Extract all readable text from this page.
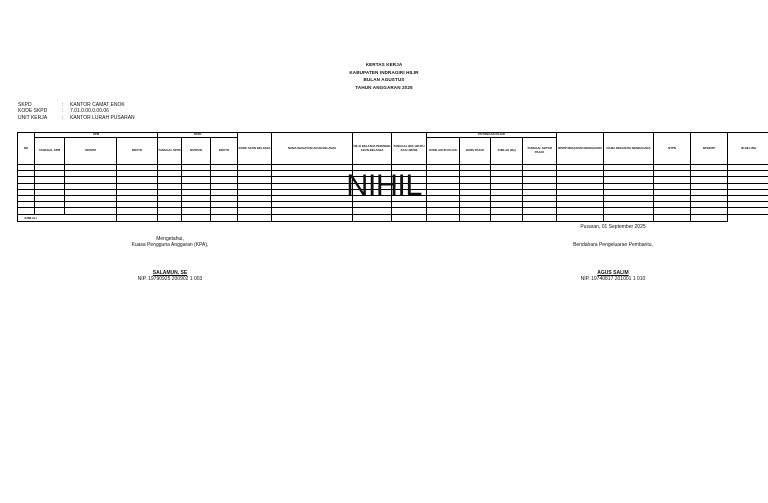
KERTAS KERJA
KABUPATEN INDRAGIRI HILIR
BULAN AGUSTUS
TAHUN ANGGARAN 2025
SKPD	:	KANTOR CAMAT ENOK
KODE SKPD	:	7.01.0.00.0.00.06
UNIT KERJA	:	KANTOR LURAH PUSARAN
NO	SPM			SP2D			KODE AKUN BELANJA	NAMA KEGIATAN/ AKUN BELANJA	NILAI BELANJA PEROBEK AKUN BELANJA	TANGGAL BKU (BUKU KAS UMUM)	POTONGAN PAJAK				NPWP REKANAN/ BENDAHARA	NAMA REKANAN/ BENDAHARA	NTPN	NTB/NTP	ID BILLING
	TANGGAL SPM	NOSPM	BRUTO	TANGGAL SP2D	NOSP2D	BRUTO					KODE AKUN PAJAK	JENIS PAJAK	JUMLAH (Rp)	TANGGAL SETOR PAJAK					

JUMLAH																			
NIHIL
Pusaran, 01 September 2025
Mengetahui,
Kuasa Pengguna Anggaran (KPA),	Bendahara Pengeluaran Pembantu,
SALAMUN, SE
NIP. 19790925 200902 1 003
AGUS SALIM
NIP. 19740817 201001 1 010
